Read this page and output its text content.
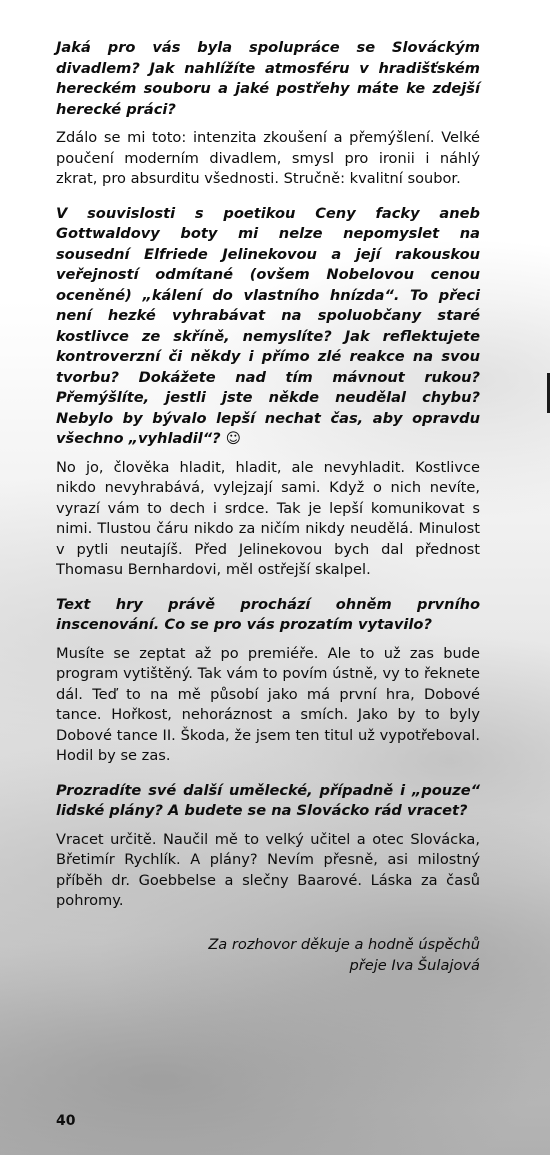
Jaká pro vás byla spolupráce se Slováckým divadlem? Jak nahlížíte atmosféru v hradišťském hereckém souboru a jaké postřehy máte ke zdejší herecké práci?

Zdálo se mi toto: intenzita zkoušení a přemýšlení. Velké poučení moderním divadlem, smysl pro ironii i náhlý zkrat, pro absurditu všednosti. Stručně: kvalitní soubor.

V souvislosti s poetikou Ceny facky aneb Gottwaldovy boty mi nelze nepomyslet na sousední Elfriede Jelinekovou a její rakouskou veřejností odmítané (ovšem Nobelovou cenou oceněné) „kálení do vlastního hnízda“. To přeci není hezké vyhrabávat na spoluobčany staré kostlivce ze skříně, nemyslíte? Jak reflektujete kontroverzní či někdy i přímo zlé reakce na svou tvorbu? Dokážete nad tím mávnout rukou? Přemýšlíte, jestli jste někde neudělal chybu? Nebylo by bývalo lepší nechat čas, aby opravdu všechno „vyhladil“? ☺

No jo, člověka hladit, hladit, ale nevyhladit. Kostlivce nikdo nevyhrabává, vylejzají sami. Když o nich nevíte, vyrazí vám to dech i srdce. Tak je lepší komunikovat s nimi. Tlustou čáru nikdo za ničím nikdy neudělá. Minulost v pytli neutajíš. Před Jelinekovou bych dal přednost Thomasu Bernhardovi, měl ostřejší skalpel.

Text hry právě prochází ohněm prvního inscenování. Co se pro vás prozatím vytavilo?

Musíte se zeptat až po premiéře. Ale to už zas bude program vytištěný. Tak vám to povím ústně, vy to řeknete dál. Teď to na mě působí jako má první hra, Dobové tance. Hořkost, nehoráznost a smích. Jako by to byly Dobové tance II. Škoda, že jsem ten titul už vypotřeboval. Hodil by se zas.

Prozradíte své další umělecké, případně i „pouze“ lidské plány? A budete se na Slovácko rád vracet?

Vracet určitě. Naučil mě to velký učitel a otec Slovácka, Břetimír Rychlík. A plány? Nevím přesně, asi milostný příběh dr. Goebbelse a slečny Baarové. Láska za časů pohromy.

Za rozhovor děkuje a hodně úspěchů
přeje Iva Šulajová
40
